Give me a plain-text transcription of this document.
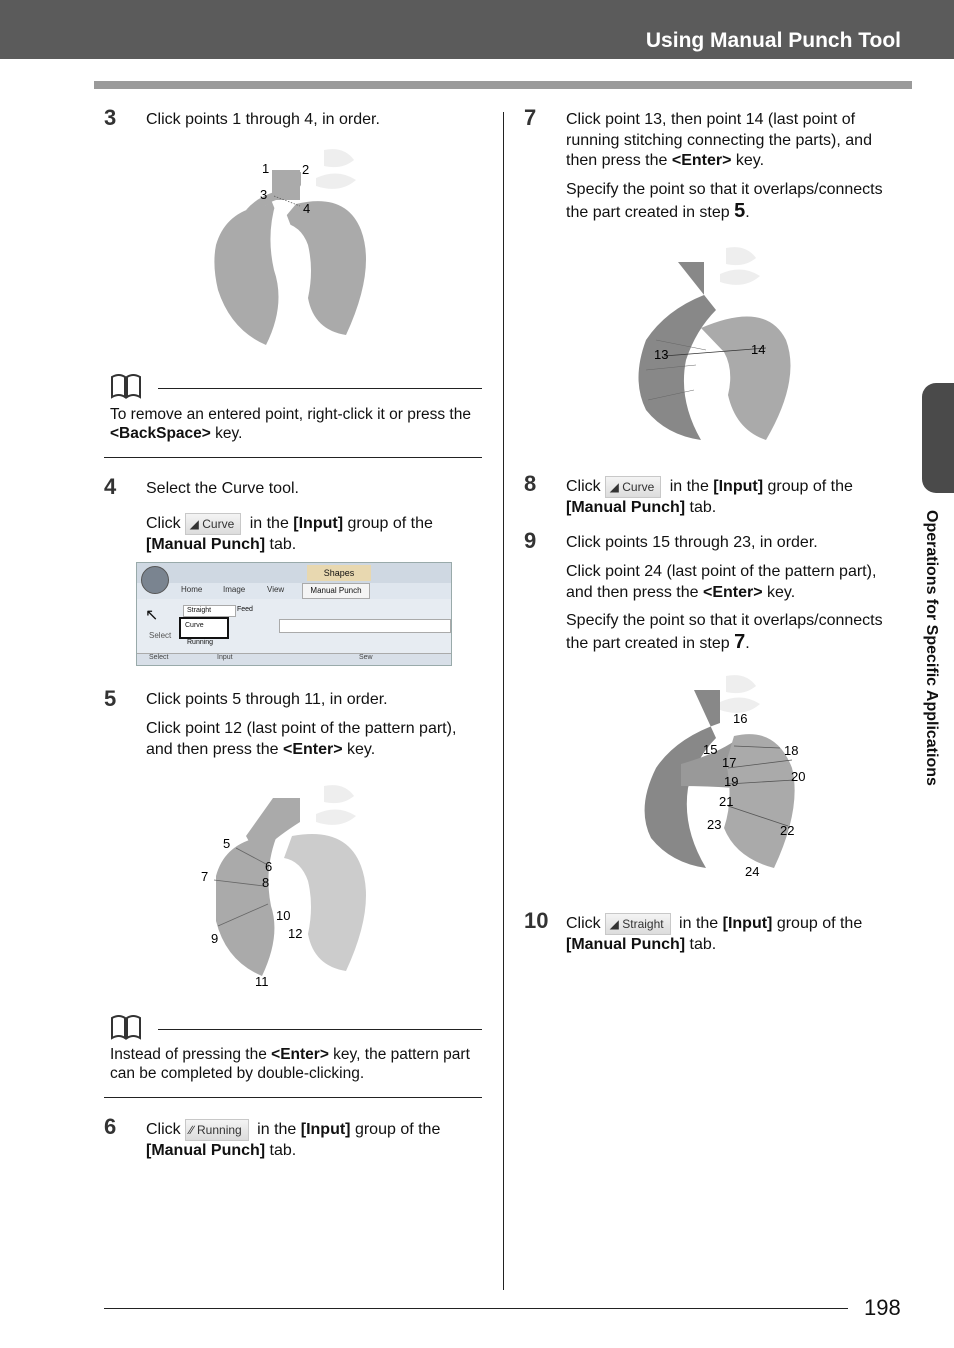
Using Manual Punch Tool
Operations for Specific Applications
3 Click points 1 through 4, in order.
1	2
3
4
To remove an entered point, right-click it or press the <BackSpace> key.
4 Select the Curve tool.
Click ◢ Curve in the [Input] group of the
[Manual Punch] tab.
Shapes
Home	Image	View	Manual Punch
↖
Select
Straight	Feed
Curve
Running
Select	Input	Sew
5 Click points 5 through 11, in order.
Click point 12 (last point of the pattern part), and then press the <Enter> key.
5
6
7	8
9
10
11
12
Instead of pressing the <Enter> key, the pattern part can be completed by double-clicking.
6 Click ∕∕ Running in the [Input] group of the
[Manual Punch] tab.
7 Click point 13, then point 14 (last point of running stitching connecting the parts), and then press the <Enter> key.
Specify the point so that it overlaps/connects the part created in step 5.
13	14
8 Click ◢ Curve in the [Input] group of the
[Manual Punch] tab.
9 Click points 15 through 23, in order.
Click point 24 (last point of the pattern part), and then press the <Enter> key.
Specify the point so that it overlaps/connects the part created in step 7.
16
15
17
18
19	20
21
22
23
24
10 Click ◢ Straight in the [Input] group of the
[Manual Punch] tab.
198
